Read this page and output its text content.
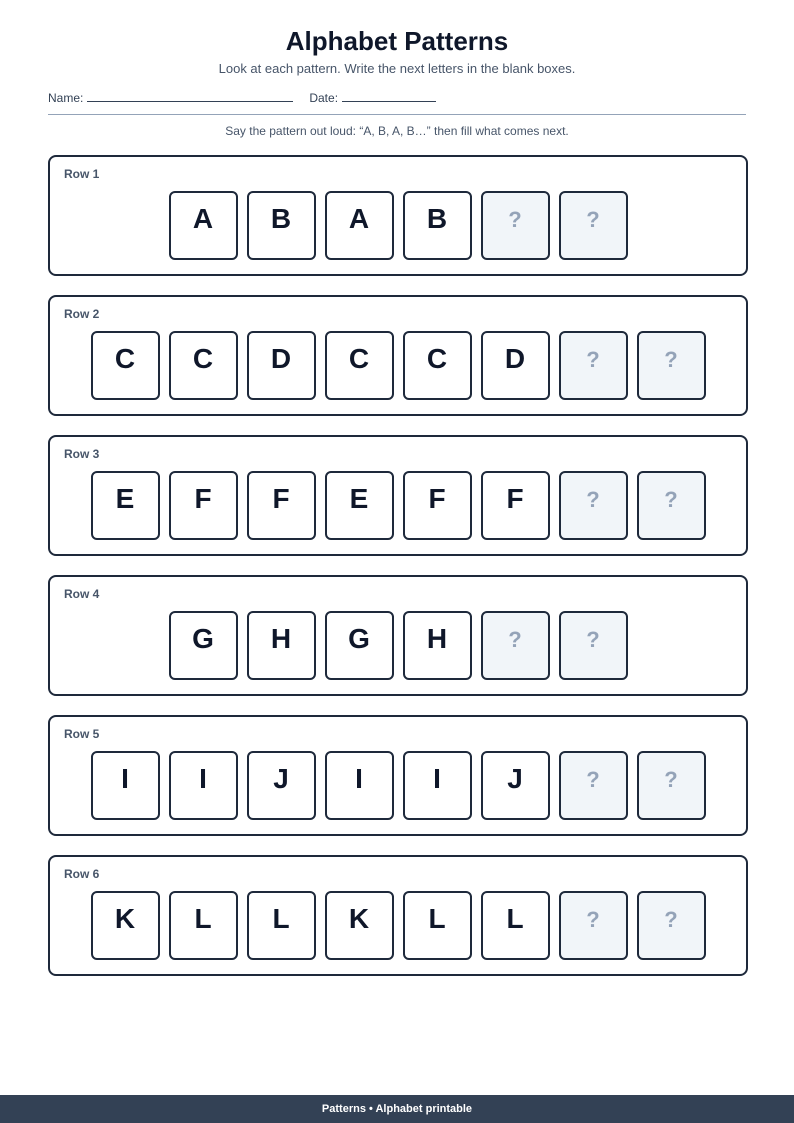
Alphabet Patterns
Look at each pattern. Write the next letters in the blank boxes.
Name:	Date:
Say the pattern out loud: “A, B, A, B…” then fill what comes next.
Row 1
A	B	A	B	?	?
Row 2
C	C	D	C	C	D	?	?
Row 3
E	F	F	E	F	F	?	?
Row 4
G	H	G	H	?	?
Row 5
I	I	J	I	I	J	?	?
Row 6
K	L	L	K	L	L	?	?
Patterns • Alphabet printable
